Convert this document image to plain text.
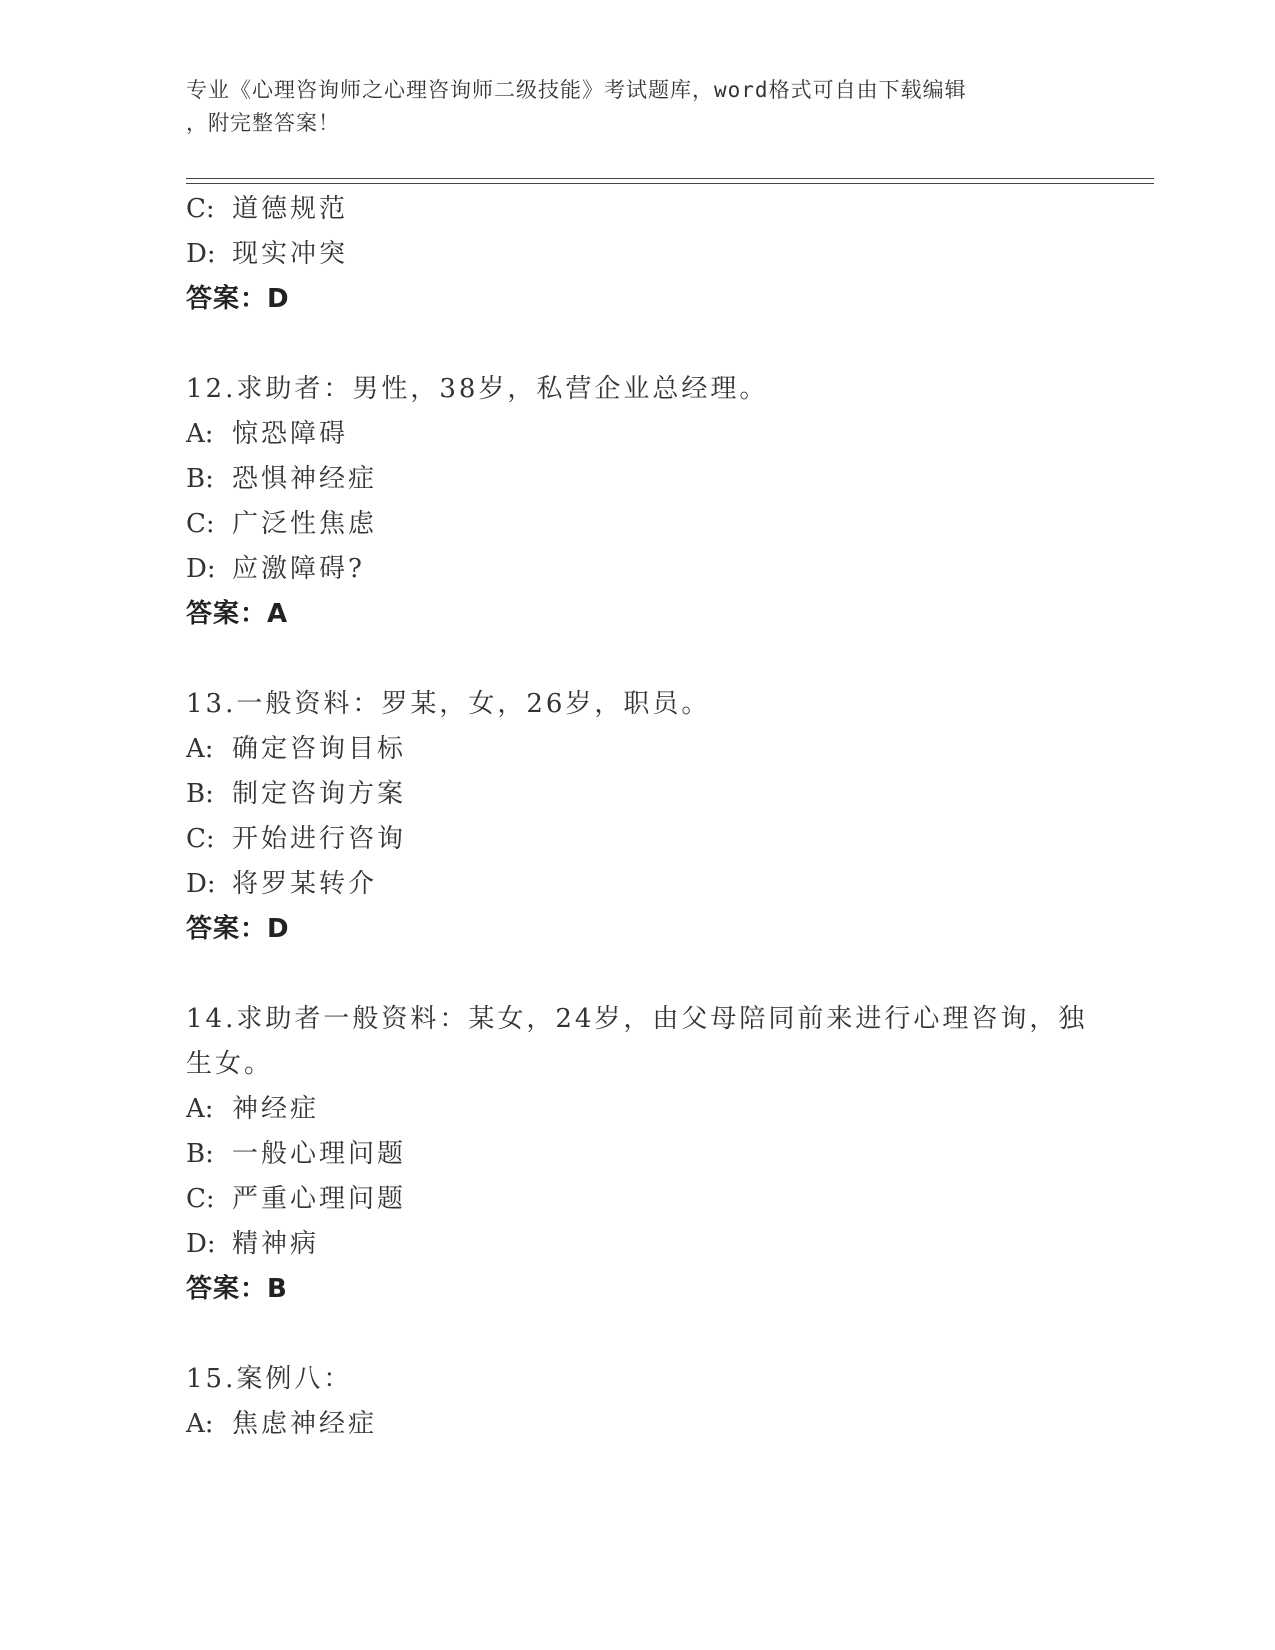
专业《心理咨询师之心理咨询师二级技能》考试题库，word格式可自由下载编辑
，附完整答案！
C: 道德规范
D: 现实冲突
答案：D
12.求助者：男性，38岁，私营企业总经理。
A: 惊恐障碍
B: 恐惧神经症
C: 广泛性焦虑
D: 应激障碍?
答案：A
13.一般资料：罗某，女，26岁，职员。
A: 确定咨询目标
B: 制定咨询方案
C: 开始进行咨询
D: 将罗某转介
答案：D
14.求助者一般资料：某女，24岁，由父母陪同前来进行心理咨询，独
生女。
A: 神经症
B: 一般心理问题
C: 严重心理问题
D: 精神病
答案：B
15.案例八：
A: 焦虑神经症
